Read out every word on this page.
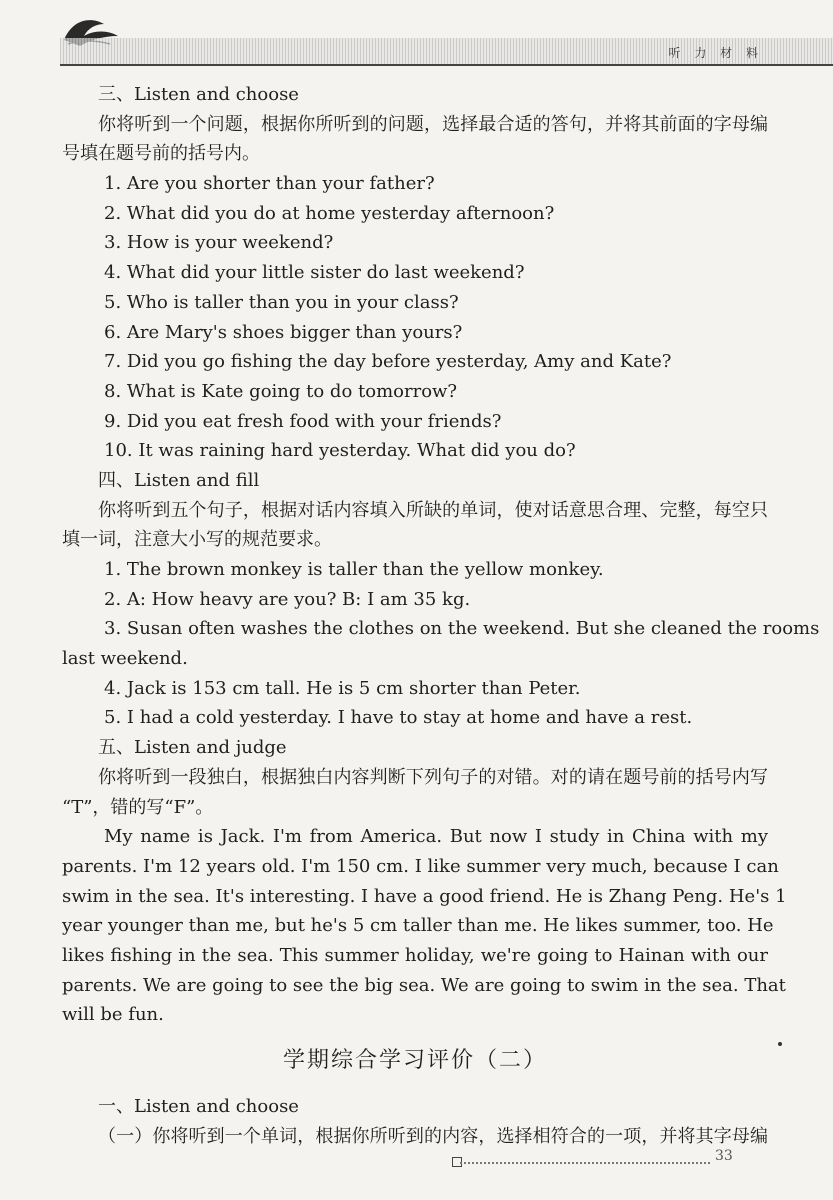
听 力 材 料
三、Listen and choose
你将听到一个问题，根据你所听到的问题，选择最合适的答句，并将其前面的字母编
号填在题号前的括号内。
1. Are you shorter than your father?
2. What did you do at home yesterday afternoon?
3. How is your weekend?
4. What did your little sister do last weekend?
5. Who is taller than you in your class?
6. Are Mary's shoes bigger than yours?
7. Did you go fishing the day before yesterday, Amy and Kate?
8. What is Kate going to do tomorrow?
9. Did you eat fresh food with your friends?
10. It was raining hard yesterday. What did you do?
四、Listen and fill
你将听到五个句子，根据对话内容填入所缺的单词，使对话意思合理、完整，每空只
填一词，注意大小写的规范要求。
1. The brown monkey is taller than the yellow monkey.
2. A: How heavy are you? B: I am 35 kg.
3. Susan often washes the clothes on the weekend. But she cleaned the rooms
last weekend.
4. Jack is 153 cm tall. He is 5 cm shorter than Peter.
5. I had a cold yesterday. I have to stay at home and have a rest.
五、Listen and judge
你将听到一段独白，根据独白内容判断下列句子的对错。对的请在题号前的括号内写
“T”，错的写“F”。
My name is Jack. I'm from America. But now I study in China with my
parents. I'm 12 years old. I'm 150 cm. I like summer very much, because I can
swim in the sea. It's interesting. I have a good friend. He is Zhang Peng. He's 1
year younger than me, but he's 5 cm taller than me. He likes summer, too. He
likes fishing in the sea. This summer holiday, we're going to Hainan with our
parents. We are going to see the big sea. We are going to swim in the sea. That
will be fun.
学期综合学习评价（二）
一、Listen and choose
（一）你将听到一个单词，根据你所听到的内容，选择相符合的一项，并将其字母编
33
